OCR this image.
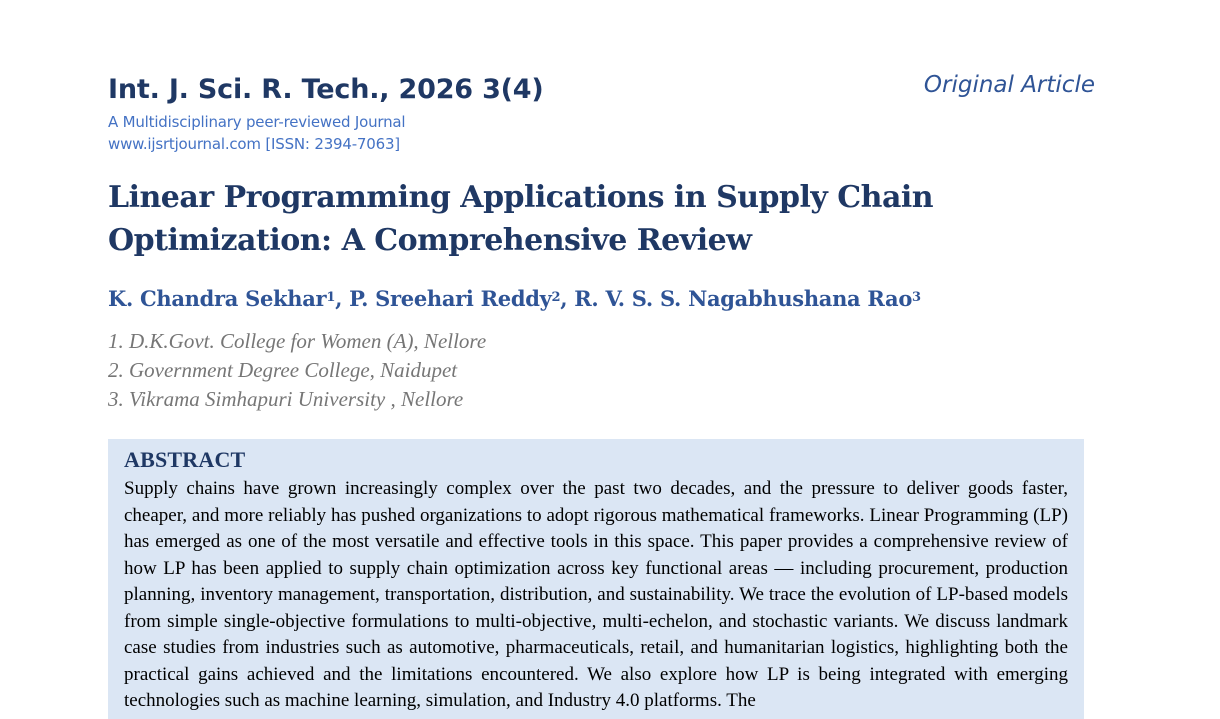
Int. J. Sci. R. Tech., 2026 3(4)	Original Article
A Multidisciplinary peer-reviewed Journal
www.ijsrtjournal.com [ISSN: 2394-7063]
Linear Programming Applications in Supply Chain Optimization: A Comprehensive Review
K. Chandra Sekhar$^1$, P. Sreehari Reddy$^2$, R. V. S. S. Nagabhushana Rao$^3$
1. D.K.Govt. College for Women (A), Nellore
2. Government Degree College, Naidupet
3. Vikrama Simhapuri University , Nellore
ABSTRACT

Supply chains have grown increasingly complex over the past two decades, and the pressure to deliver goods faster, cheaper, and more reliably has pushed organizations to adopt rigorous mathematical frameworks. Linear Programming (LP) has emerged as one of the most versatile and effective tools in this space. This paper provides a comprehensive review of how LP has been applied to supply chain optimization across key functional areas — including procurement, production planning, inventory management, transportation, distribution, and sustainability. We trace the evolution of LP-based models from simple single-objective formulations to multi-objective, multi-echelon, and stochastic variants. We discuss landmark case studies from industries such as automotive, pharmaceuticals, retail, and humanitarian logistics, highlighting both the practical gains achieved and the limitations encountered. We also explore how LP is being integrated with emerging technologies such as machine learning, simulation, and Industry 4.0 platforms. The
